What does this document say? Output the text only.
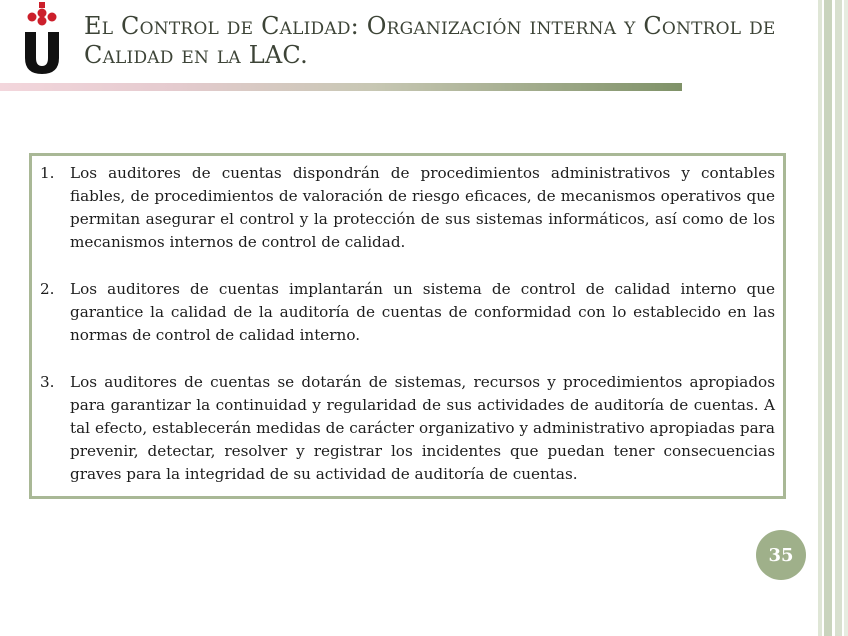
El Control de Calidad: Organización interna y Control de Calidad en la LAC.
1.	Los auditores de cuentas dispondrán de procedimientos administrativos y contables fiables, de procedimientos de valoración de riesgo eficaces, de mecanismos operativos que permitan asegurar el control y la protección de sus sistemas informáticos, así como de los mecanismos internos de control de calidad.
2.	Los auditores de cuentas implantarán un sistema de control de calidad interno que garantice la calidad de la auditoría de cuentas de conformidad con lo establecido en las normas de control de calidad interno.
3.	Los auditores de cuentas se dotarán de sistemas, recursos y procedimientos apropiados para garantizar la continuidad y regularidad de sus actividades de auditoría de cuentas. A tal efecto, establecerán medidas de carácter organizativo y administrativo apropiadas para prevenir, detectar, resolver y registrar los incidentes que puedan tener consecuencias graves para la integridad de su actividad de auditoría de cuentas.
35
